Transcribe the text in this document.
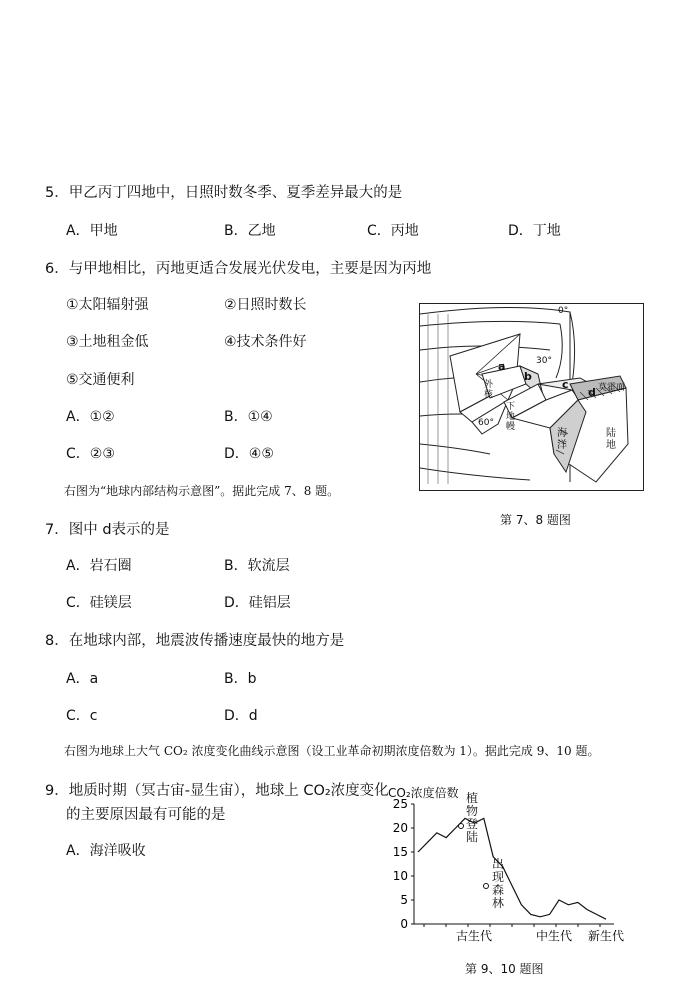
5．甲乙丙丁四地中，日照时数冬季、夏季差异最大的是
A．甲地	B．乙地	C．丙地	D．丁地
6．与甲地相比，丙地更适合发展光伏发电，主要是因为丙地
①太阳辐射强	②日照时数长
③土地租金低	④技术条件好
⑤交通便利
A．①②	B．①④
C．②③	D．④⑤
右图为“地球内部结构示意图”。据此完成 7、8 题。
0°
30°
60°
a
b
c
d 莫霍面
外核
下地幔
海洋
陆地
第 7、8 题图
7．图中 d表示的是
A．岩石圈	B．软流层
C．硅镁层	D．硅铝层
8．在地球内部，地震波传播速度最快的地方是
A．a	B．b
C．c	D．d
右图为地球上大气 CO₂ 浓度变化曲线示意图（设工业革命初期浓度倍数为 1）。据此完成 9、10 题。
9．地质时期（冥古宙-显生宙），地球上 CO₂浓度变化
的主要原因最有可能的是
A．海洋吸收
CO₂浓度倍数
25
20
15
10
5
0
古生代	中生代 新生代
植物登陆
出现森林
第 9、10 题图
